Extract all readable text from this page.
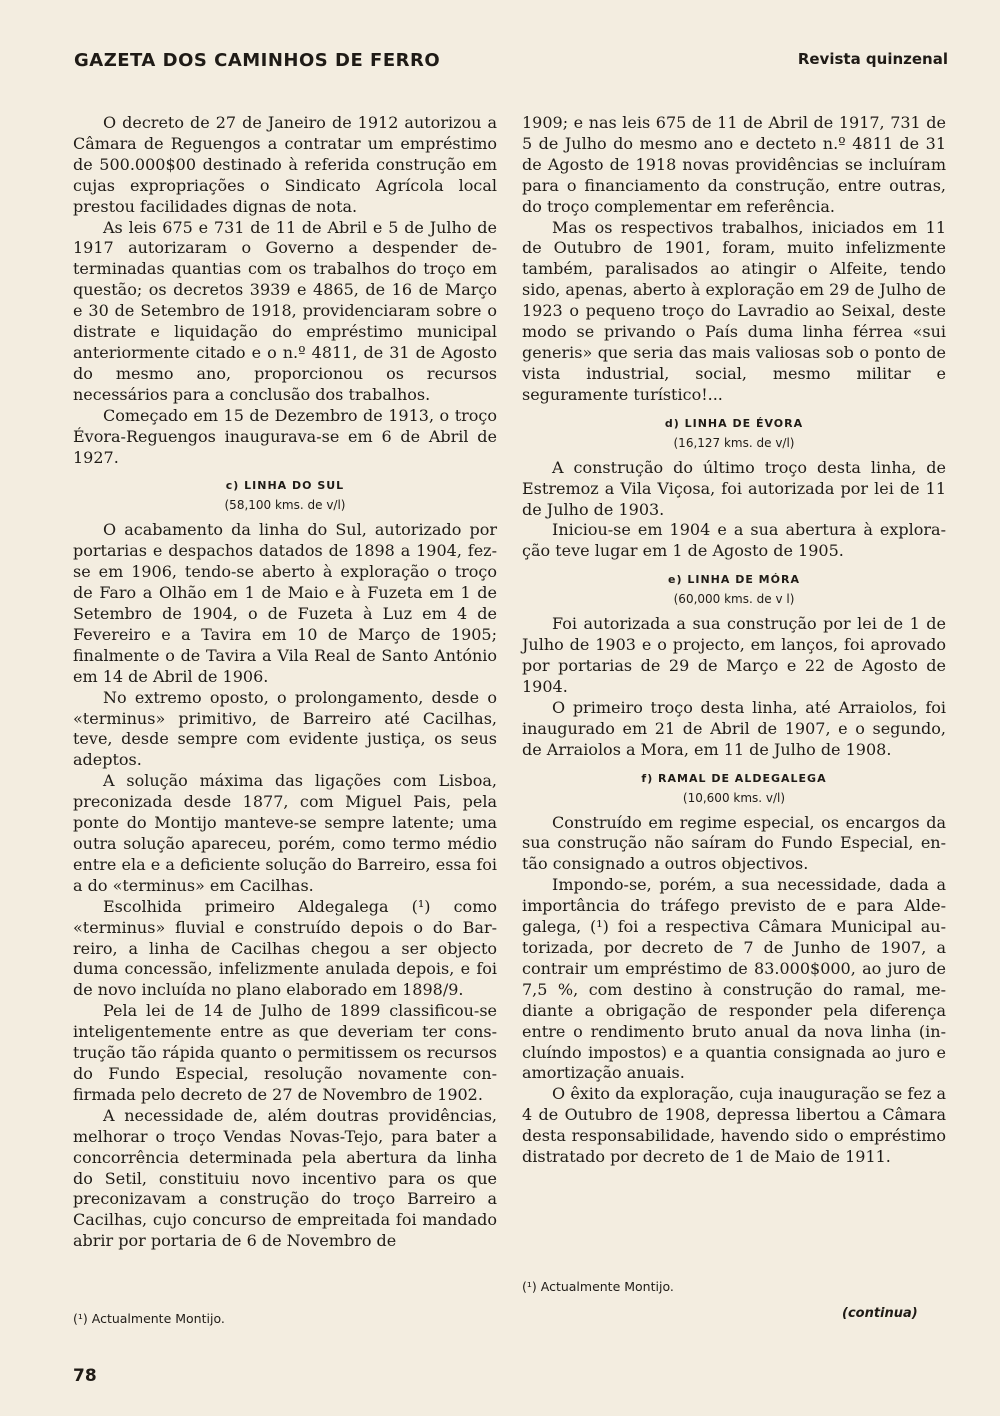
GAZETA DOS CAMINHOS DE FERRO	Revista quinzenal

O decreto de 27 de Janeiro de 1912 autorizou a Câmara de Reguengos a contratar um empréstimo de 500.000$00 destinado à referida construção em cujas expropriações o Sindicato Agrícola local prestou facilidades dignas de nota.

As leis 675 e 731 de 11 de Abril e 5 de Julho de 1917 autorizaram o Governo a despender determinadas quantias com os trabalhos do troço em questão; os decretos 3939 e 4865, de 16 de Março e 30 de Setembro de 1918, providenciaram sobre o distrate e liquidação do empréstimo municipal anteriormente citado e o n.º 4811, de 31 de Agosto do mesmo ano, proporcionou os recursos necessários para a conclusão dos trabalhos.

Começado em 15 de Dezembro de 1913, o troço Évora-Reguengos inaugurava-se em 6 de Abril de 1927.

c) LINHA DO SUL
(58,100 kms. de v/l)

O acabamento da linha do Sul, autorizado por portarias e despachos datados de 1898 a 1904, fez-se em 1906, tendo-se aberto à exploração o troço de Faro a Olhão em 1 de Maio e à Fuzeta em 1 de Setembro de 1904, o de Fuzeta à Luz em 4 de Fevereiro e a Tavira em 10 de Março de 1905; finalmente o de Tavira a Vila Real de Santo António em 14 de Abril de 1906.

No extremo oposto, o prolongamento, desde o «terminus» primitivo, de Barreiro até Cacilhas, teve, desde sempre com evidente justiça, os seus adeptos.

A solução máxima das ligações com Lisboa, preconizada desde 1877, com Miguel Pais, pela ponte do Montijo manteve-se sempre latente; uma outra solução apareceu, porém, como termo médio entre ela e a deficiente solução do Barreiro, essa foi a do «terminus» em Cacilhas.

Escolhida primeiro Aldegalega (¹) como «terminus» fluvial e construído depois o do Barreiro, a linha de Cacilhas chegou a ser objecto duma concessão, infelizmente anulada depois, e foi de novo incluída no plano elaborado em 1898/9.

Pela lei de 14 de Julho de 1899 classificou-se inteligentemente entre as que deveriam ter construção tão rápida quanto o permitissem os recursos do Fundo Especial, resolução novamente confirmada pelo decreto de 27 de Novembro de 1902.

A necessidade de, além doutras providências, melhorar o troço Vendas Novas-Tejo, para bater a concorrência determinada pela abertura da linha do Setil, constituiu novo incentivo para os que preconizavam a construção do troço Barreiro a Cacilhas, cujo concurso de empreitada foi mandado abrir por portaria de 6 de Novembro de

(¹) Actualmente Montijo.

1909; e nas leis 675 de 11 de Abril de 1917, 731 de 5 de Julho do mesmo ano e decteto n.º 4811 de 31 de Agosto de 1918 novas providências se incluíram para o financiamento da construção, entre outras, do troço complementar em referência.

Mas os respectivos trabalhos, iniciados em 11 de Outubro de 1901, foram, muito infelizmente também, paralisados ao atingir o Alfeite, tendo sido, apenas, aberto à exploração em 29 de Julho de 1923 o pequeno troço do Lavradio ao Seixal, deste modo se privando o País duma linha férrea «sui generis» que seria das mais valiosas sob o ponto de vista industrial, social, mesmo militar e seguramente turístico!...

d) LINHA DE ÉVORA
(16,127 kms. de v/l)

A construção do último troço desta linha, de Estremoz a Vila Viçosa, foi autorizada por lei de 11 de Julho de 1903.

Iniciou-se em 1904 e a sua abertura à exploração teve lugar em 1 de Agosto de 1905.

e) LINHA DE MÓRA
(60,000 kms. de v l)

Foi autorizada a sua construção por lei de 1 de Julho de 1903 e o projecto, em lanços, foi aprovado por portarias de 29 de Março e 22 de Agosto de 1904.

O primeiro troço desta linha, até Arraiolos, foi inaugurado em 21 de Abril de 1907, e o segundo, de Arraiolos a Mora, em 11 de Julho de 1908.

f) RAMAL DE ALDEGALEGA
(10,600 kms. v/l)

Construído em regime especial, os encargos da sua construção não saíram do Fundo Especial, então consignado a outros objectivos.

Impondo-se, porém, a sua necessidade, dada a importância do tráfego previsto de e para Aldegalega, (¹) foi a respectiva Câmara Municipal autorizada, por decreto de 7 de Junho de 1907, a contrair um empréstimo de 83.000$000, ao juro de 7,5 %, com destino à construção do ramal, mediante a obrigação de responder pela diferença entre o rendimento bruto anual da nova linha (incluíndo impostos) e a quantia consignada ao juro e amortização anuais.

O êxito da exploração, cuja inauguração se fez a 4 de Outubro de 1908, depressa libertou a Câmara desta responsabilidade, havendo sido o empréstimo distratado por decreto de 1 de Maio de 1911.

(¹) Actualmente Montijo.
(continua)
78
